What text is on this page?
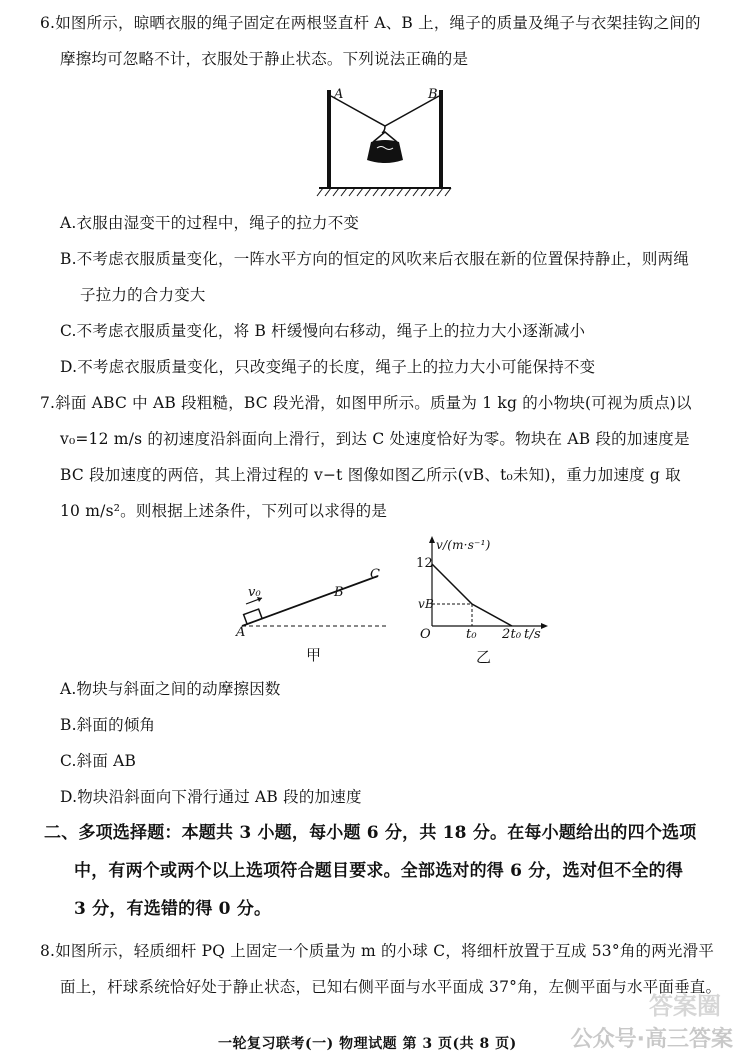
6.如图所示，晾晒衣服的绳子固定在两根竖直杆 A、B 上，绳子的质量及绳子与衣架挂钩之间的
摩擦均可忽略不计，衣服处于静止状态。下列说法正确的是
A	B
A.衣服由湿变干的过程中，绳子的拉力不变
B.不考虑衣服质量变化，一阵水平方向的恒定的风吹来后衣服在新的位置保持静止，则两绳
子拉力的合力变大
C.不考虑衣服质量变化，将 B 杆缓慢向右移动，绳子上的拉力大小逐渐减小
D.不考虑衣服质量变化，只改变绳子的长度，绳子上的拉力大小可能保持不变
7.斜面 ABC 中 AB 段粗糙，BC 段光滑，如图甲所示。质量为 1 kg 的小物块(可视为质点)以
v₀=12 m/s 的初速度沿斜面向上滑行，到达 C 处速度恰好为零。物块在 AB 段的加速度是
BC 段加速度的两倍，其上滑过程的 v−t 图像如图乙所示(vB、t₀未知)，重力加速度 g 取
10 m/s²。则根据上述条件，下列可以求得的是
v₀
A
B
C
甲
v/(m·s⁻¹)
12
vB
O	t₀ 2t₀ t/s
乙
A.物块与斜面之间的动摩擦因数
B.斜面的倾角
C.斜面 AB
D.物块沿斜面向下滑行通过 AB 段的加速度
二、多项选择题：本题共 3 小题，每小题 6 分，共 18 分。在每小题给出的四个选项
中，有两个或两个以上选项符合题目要求。全部选对的得 6 分，选对但不全的得
3 分，有选错的得 0 分。
8.如图所示，轻质细杆 PQ 上固定一个质量为 m 的小球 C，将细杆放置于互成 53°角的两光滑平
面上，杆球系统恰好处于静止状态，已知右侧平面与水平面成 37°角，左侧平面与水平面垂直。
一轮复习联考(一) 物理试题 第 3 页(共 8 页)
答案圈
公众号·高三答案
